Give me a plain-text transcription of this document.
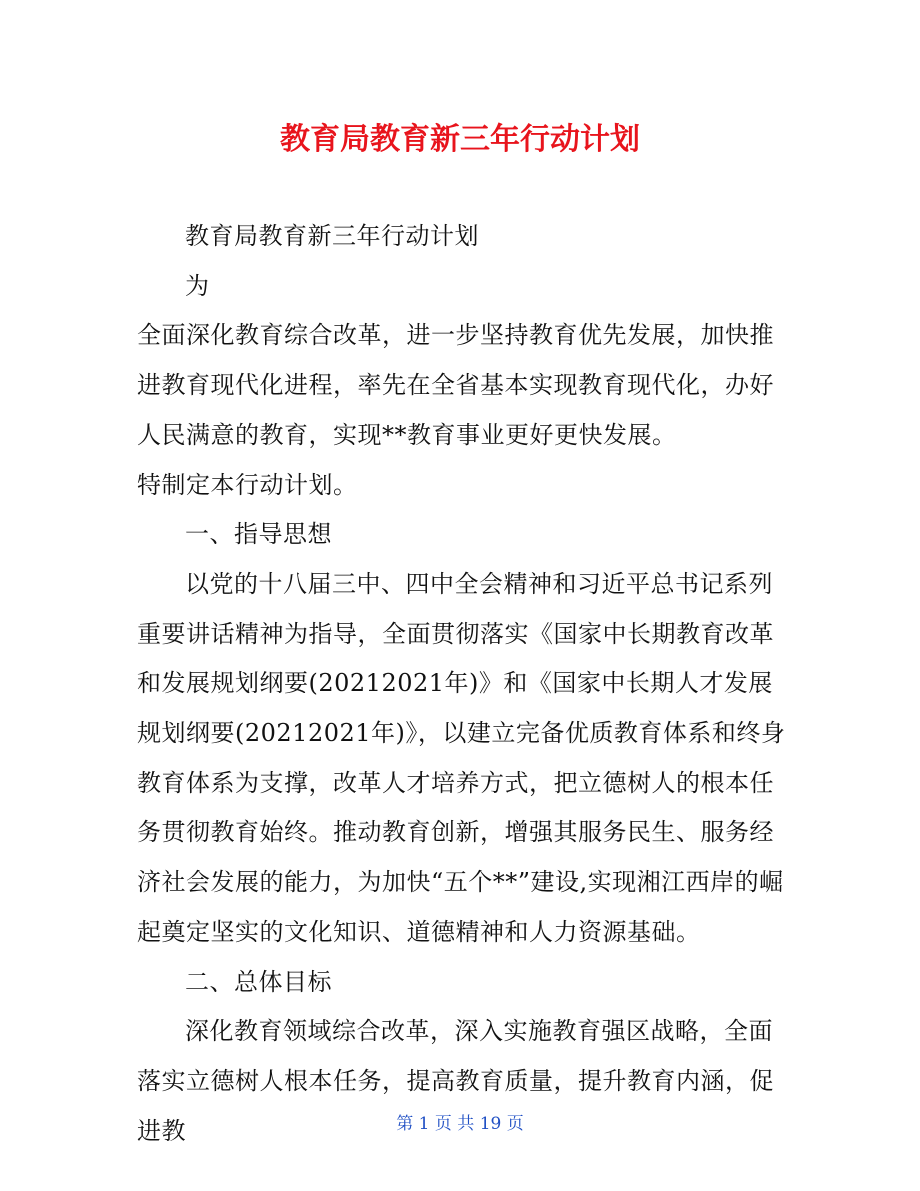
教育局教育新三年行动计划

教育局教育新三年行动计划

为

全面深化教育综合改革，进一步坚持教育优先发展，加快推进教育现代化进程，率先在全省基本实现教育现代化，办好人民满意的教育，实现**教育事业更好更快发展。

特制定本行动计划。

一、指导思想

以党的十八届三中、四中全会精神和习近平总书记系列重要讲话精神为指导，全面贯彻落实《国家中长期教育改革和发展规划纲要(20212021年)》和《国家中长期人才发展规划纲要(20212021年)》，以建立完备优质教育体系和终身教育体系为支撑，改革人才培养方式，把立德树人的根本任务贯彻教育始终。推动教育创新，增强其服务民生、服务经济社会发展的能力，为加快“五个**”建设,实现湘江西岸的崛起奠定坚实的文化知识、道德精神和人力资源基础。

二、总体目标

深化教育领域综合改革，深入实施教育强区战略，全面落实立德树人根本任务，提高教育质量，提升教育内涵，促进教	第 1 页 共 19 页
